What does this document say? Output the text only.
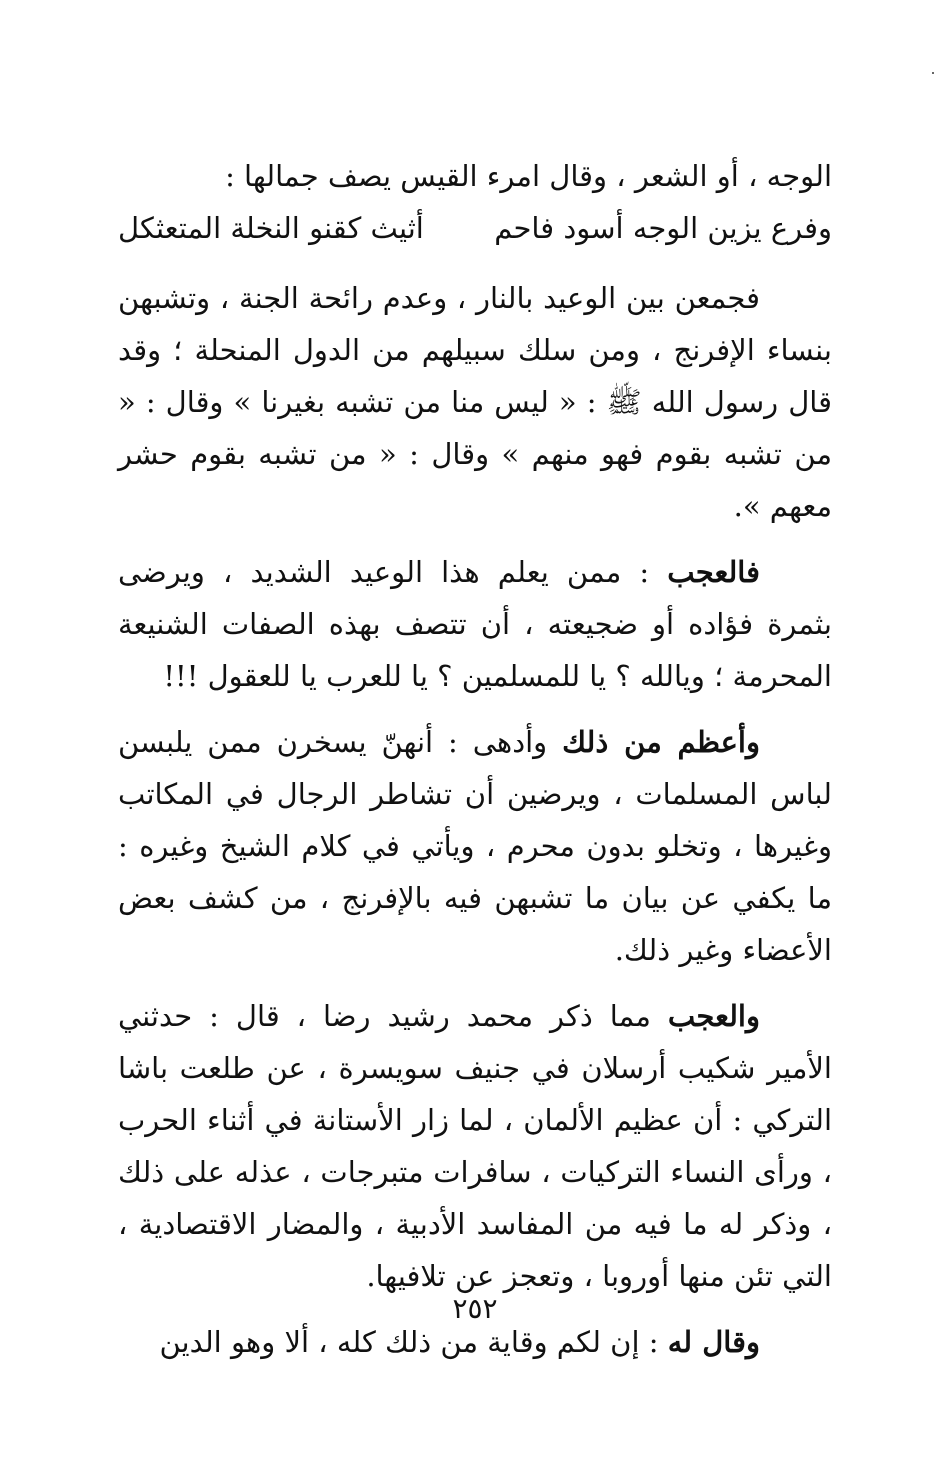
الوجه ، أو الشعر ، وقال امرء القيس يصف جمالها :

وفرع يزين الوجه أسود فاحم
أثيث كقنو النخلة المتعثكل

فجمعن بين الوعيد بالنار ، وعدم رائحة الجنة ، وتشبهن بنساء الإفرنج ، ومن سلك سبيلهم من الدول المنحلة ؛ وقد قال رسول الله ﷺ : « ليس منا من تشبه بغيرنا » وقال : « من تشبه بقوم فهو منهم » وقال : « من تشبه بقوم حشر معهم ».

فالعجب : ممن يعلم هذا الوعيد الشديد ، ويرضى بثمرة فؤاده أو ضجيعته ، أن تتصف بهذه الصفات الشنيعة المحرمة ؛ ويالله ؟ يا للمسلمين ؟ يا للعرب يا للعقول !!!

وأعظم من ذلك وأدهى : أنهنّ يسخرن ممن يلبسن لباس المسلمات ، ويرضين أن تشاطر الرجال في المكاتب وغيرها ، وتخلو بدون محرم ، ويأتي في كلام الشيخ وغيره : ما يكفي عن بيان ما تشبهن فيه بالإفرنج ، من كشف بعض الأعضاء وغير ذلك.

والعجب مما ذكر محمد رشيد رضا ، قال : حدثني الأمير شكيب أرسلان في جنيف سويسرة ، عن طلعت باشا التركي : أن عظيم الألمان ، لما زار الأستانة في أثناء الحرب ، ورأى النساء التركيات ، سافرات متبرجات ، عذله على ذلك ، وذكر له ما فيه من المفاسد الأدبية ، والمضار الاقتصادية ، التي تئن منها أوروبا ، وتعجز عن تلافيها.

وقال له : إن لكم وقاية من ذلك كله ، ألا وهو الدين

٢٥٢
